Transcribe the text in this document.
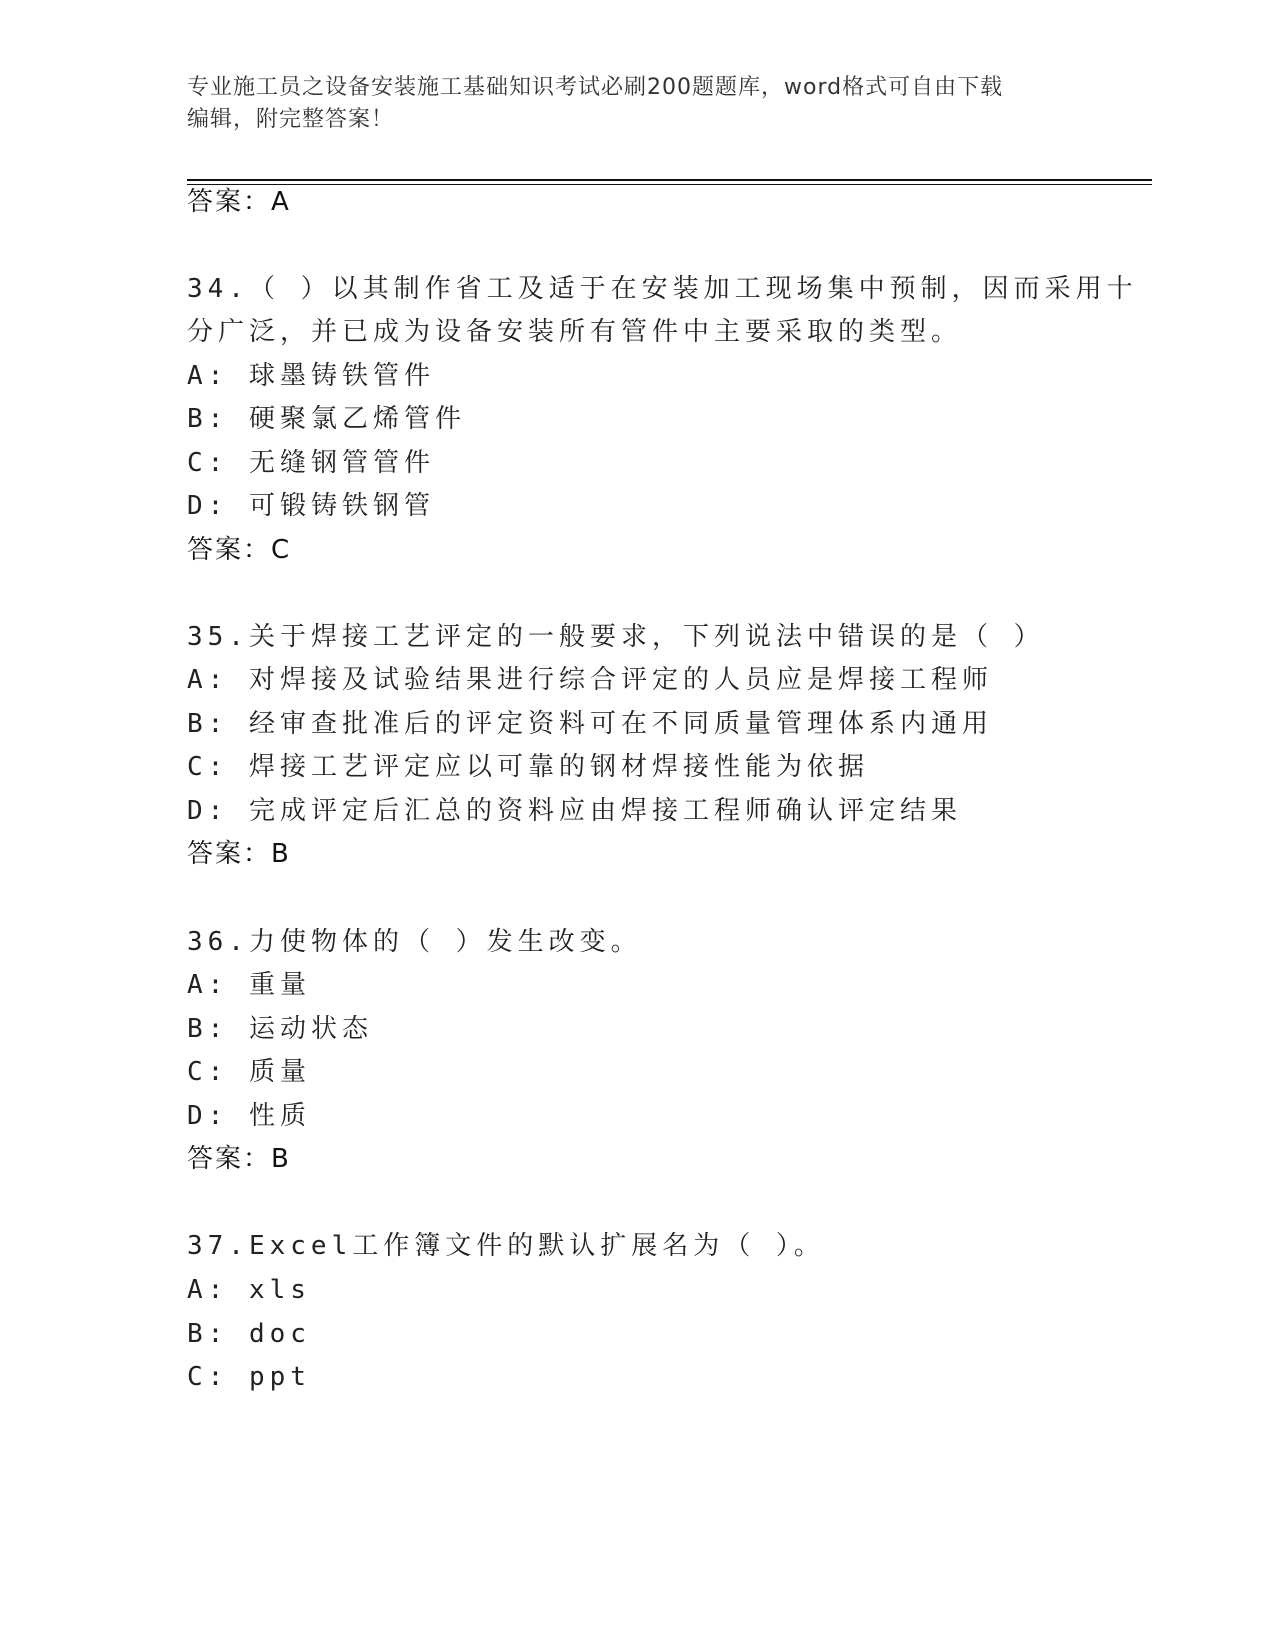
专业施工员之设备安装施工基础知识考试必刷200题题库，word格式可自由下载
编辑，附完整答案！
答案：A
34.（ ）以其制作省工及适于在安装加工现场集中预制，因而采用十
分广泛，并已成为设备安装所有管件中主要采取的类型。
A: 球墨铸铁管件
B: 硬聚氯乙烯管件
C: 无缝钢管管件
D: 可锻铸铁钢管
答案：C
35.关于焊接工艺评定的一般要求，下列说法中错误的是（ ）
A: 对焊接及试验结果进行综合评定的人员应是焊接工程师
B: 经审查批准后的评定资料可在不同质量管理体系内通用
C: 焊接工艺评定应以可靠的钢材焊接性能为依据
D: 完成评定后汇总的资料应由焊接工程师确认评定结果
答案：B
36.力使物体的（ ）发生改变。
A: 重量
B: 运动状态
C: 质量
D: 性质
答案：B
37.Excel工作簿文件的默认扩展名为（ ）。
A: xls
B: doc
C: ppt
